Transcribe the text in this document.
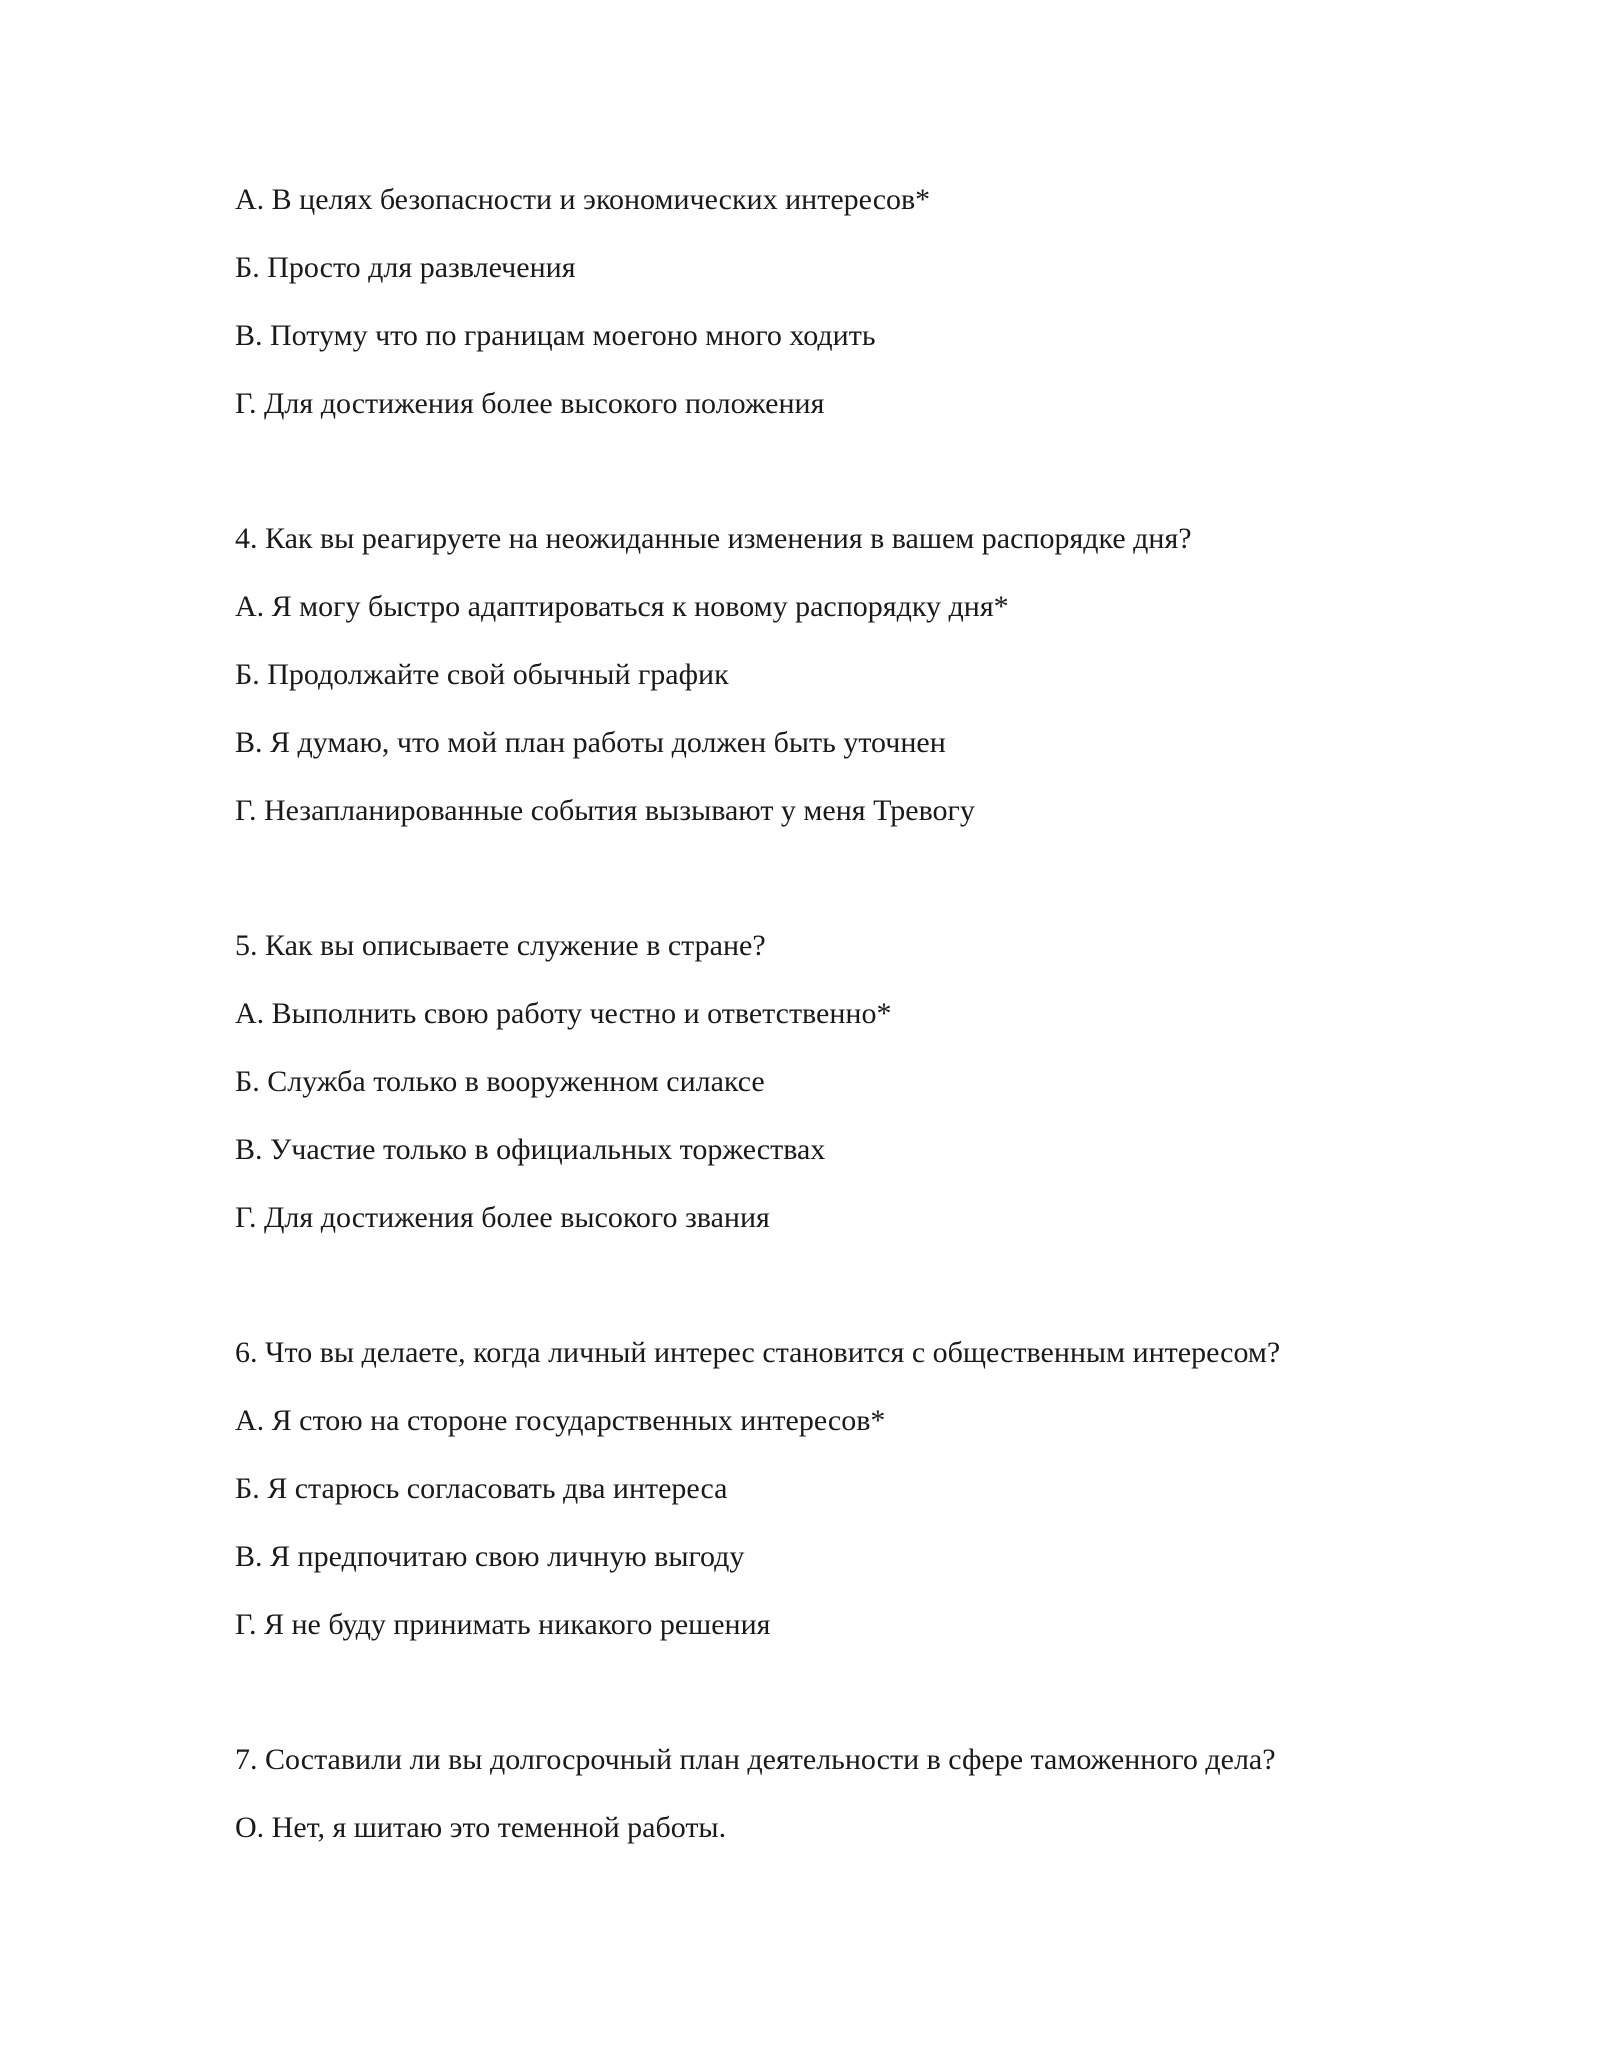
А. В целях безопасности и экономических интересов*

Б. Просто для развлечения

В. Потуму что по границам моегоно много ходить

Г. Для достижения более высокого положения

4. Как вы реагируете на неожиданные изменения в вашем распорядке дня?

А. Я могу быстро адаптироваться к новому распорядку дня*

Б. Продолжайте свой обычный график

В. Я думаю, что мой план работы должен быть уточнен

Г. Незапланированные события вызывают у меня Тревогу

5. Как вы описываете служение в стране?

А. Выполнить свою работу честно и ответственно*

Б. Служба только в вооруженном силаксе

В. Участие только в официальных торжествах

Г. Для достижения более высокого звания

6. Что вы делаете, когда личный интерес становится с общественным интересом?

А. Я стою на стороне государственных интересов*

Б. Я старюсь согласовать два интереса

В. Я предпочитаю свою личную выгоду

Г. Я не буду принимать никакого решения

7. Составили ли вы долгосрочный план деятельности в сфере таможенного дела?

О. Нет, я шитаю это теменной работы.
